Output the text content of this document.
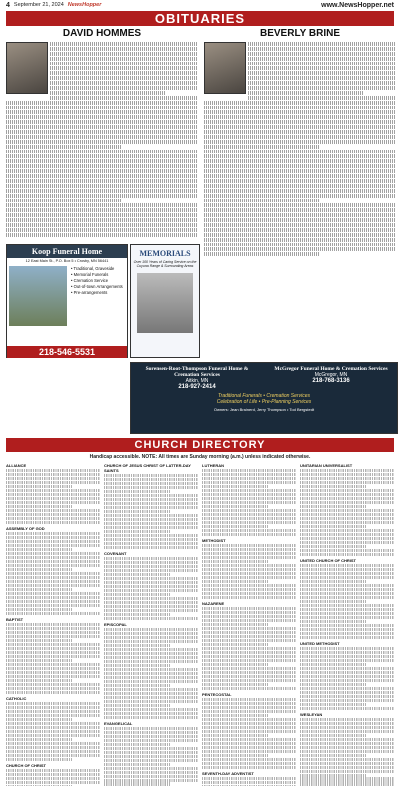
4 September 21, 2024 NewsHopper	www.NewsHopper.net
OBITUARIES
DAVID HOMMES
Koop Funeral Home
12 East Main St., P.O. Box 5 • Crosby, MN 56441
• Traditional, Graveside
• Memorial Funerals
• Cremation Service
• Out-of-town Arrangements
• Pre-arrangements
218-546-5531
MEMORIALS
Over 100 Years of Caring Service on the Cuyuna Range & Surrounding Areas
BEVERLY BRINE
Sorensen-Root-Thompson Funeral Home & Cremation Services
Aitkin, MN
218-927-2414
McGregor Funeral Home & Cremation Services
McGregor, MN
218-768-3136
Traditional Funerals • Cremation Services
Celebration of Life • Pre-Planning Services
Owners: Jean Brainerd, Jerry Thompson • Tod Bergstedt
CHURCH DIRECTORY
Handicap accessible. NOTE: All times are Sunday morning (a.m.) unless indicated otherwise.
ALLIANCE
ASSEMBLY OF GOD
BAPTIST
CATHOLIC
CHURCH OF CHRIST
CHURCH OF JESUS CHRIST OF LATTER-DAY SAINTS
COVENANT
EPISCOPAL
EVANGELICAL
LUTHERAN
METHODIST
NAZARENE
PENTECOSTAL
SEVENTH-DAY ADVENTIST
UNITARIAN UNIVERSALIST
UNITED CHURCH OF CHRIST
UNITED METHODIST
WESLEYAN
